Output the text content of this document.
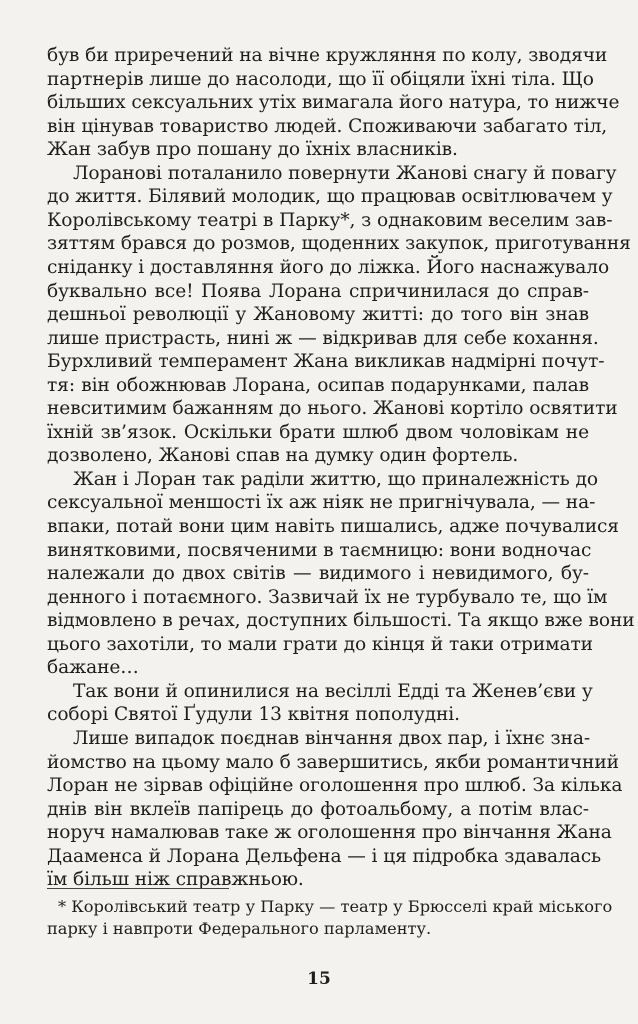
був би приречений на вічне кружляння по колу, зводячи
партнерів лише до насолоди, що її обіцяли їхні тіла. Що
більших сексуальних утіх вимагала його натура, то нижче
він цінував товариство людей. Споживаючи забагато тіл,
Жан забув про пошану до їхніх власників.
Лоранові поталанило повернути Жанові снагу й повагу
до життя. Білявий молодик, що працював освітлювачем у
Королівському театрі в Парку*, з однаковим веселим зав-
зяттям брався до розмов, щоденних закупок, приготування
сніданку і доставляння його до ліжка. Його наснажувало
буквально все! Поява Лорана спричинилася до справ-
дешньої революції у Жановому житті: до того він знав
лише пристрасть, нині ж — відкривав для себе кохання.
Бурхливий темперамент Жана викликав надмірні почут-
тя: він обожнював Лорана, осипав подарунками, палав
невситимим бажанням до нього. Жанові кортіло освятити
їхній зв’язок. Оскільки брати шлюб двом чоловікам не
дозволено, Жанові спав на думку один фортель.
Жан і Лоран так раділи життю, що приналежність до
сексуальної меншості їх аж ніяк не пригнічувала, — на-
впаки, потай вони цим навіть пишались, адже почувалися
винятковими, посвяченими в таємницю: вони водночас
належали до двох світів — видимого і невидимого, бу-
денного і потаємного. Зазвичай їх не турбувало те, що їм
відмовлено в речах, доступних більшості. Та якщо вже вони
цього захотіли, то мали грати до кінця й таки отримати
бажане…
Так вони й опинилися на весіллі Едді та Женев’єви у
соборі Святої Ґудули 13 квітня пополудні.
Лише випадок поєднав вінчання двох пар, і їхнє зна-
йомство на цьому мало б завершитись, якби романтичний
Лоран не зірвав офіційне оголошення про шлюб. За кілька
днів він вклеїв папірець до фотоальбому, а потім влас-
норуч намалював таке ж оголошення про вінчання Жана
Дааменса й Лорана Дельфена — і ця підробка здавалась
їм більш ніж справжньою.
* Королівський театр у Парку — театр у Брюсселі край міського
парку і навпроти Федерального парламенту.
15
